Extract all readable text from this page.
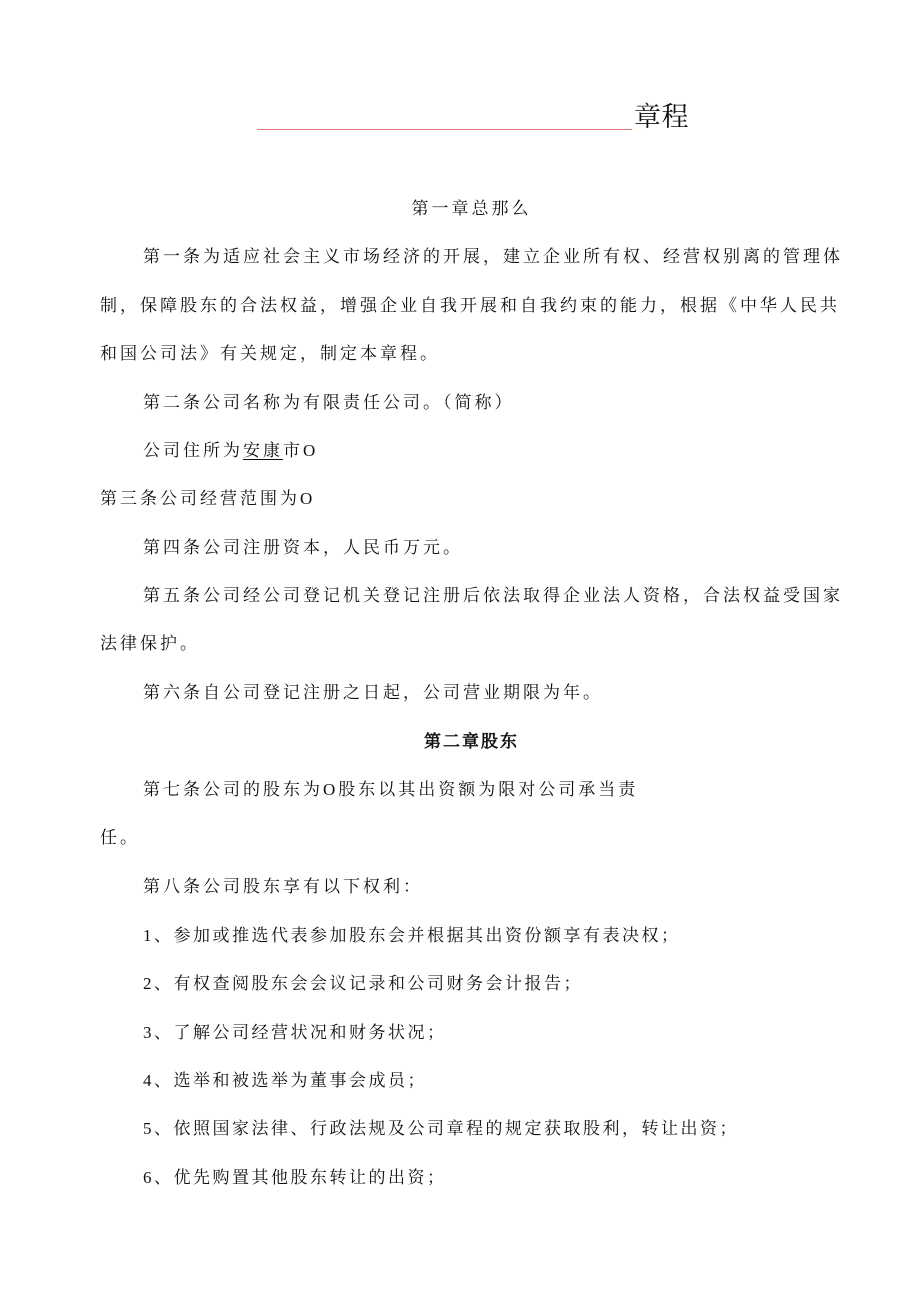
章程
第一章总那么
第一条为适应社会主义市场经济的开展，建立企业所有权、经营权别离的管理体
制，保障股东的合法权益，增强企业自我开展和自我约束的能力，根据《中华人民共
和国公司法》有关规定，制定本章程。
第二条公司名称为有限责任公司。（简称）
公司住所为安康市O
第三条公司经营范围为O
第四条公司注册资本，人民币万元。
第五条公司经公司登记机关登记注册后依法取得企业法人资格，合法权益受国家
法律保护。
第六条自公司登记注册之日起，公司营业期限为年。
第二章股东
第七条公司的股东为O股东以其出资额为限对公司承当责
任。
第八条公司股东享有以下权利：
1、参加或推选代表参加股东会并根据其出资份额享有表决权；
2、有权查阅股东会会议记录和公司财务会计报告；
3、了解公司经营状况和财务状况；
4、选举和被选举为董事会成员；
5、依照国家法律、行政法规及公司章程的规定获取股利，转让出资；
6、优先购置其他股东转让的出资；
